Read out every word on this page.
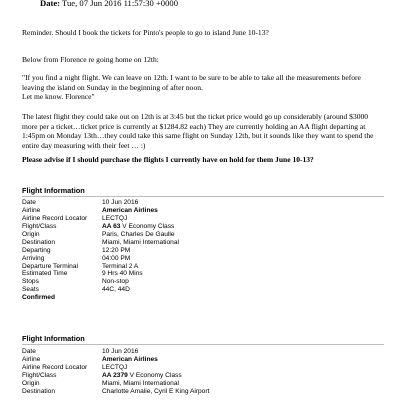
Date: Tue, 07 Jun 2016 11:57:30 +0000

Reminder. Should I book the tickets for Pinto's people to go to island June 10-13?

Below from Florence re going home on 12th:

"If you find a night flight. We can leave on 12th. I want to be sure to be able to take all the measurements before leaving the island on Sunday in the beginning of after noon.
Let me know. Florence"

The latest flight they could take out on 12th is at 3:45 but the ticket price would go up considerably (around $3000 more per a ticket…ticket price is currently at $1284.82 each) They are currently holding an AA flight departing at 1:45pm on Monday 13th…they could take this same flight on Sunday 12th, but it sounds like they want to spend the entire day measuring with their feet … :)

Please advise if I should purchase the flights I currently have on hold for them June 10-13?

Flight Information
Date	10 Jun 2016
Airline	American Airlines
Airline Record Locator	LECTQJ
Flight/Class	AA 63 V Economy Class
Origin	Paris, Charles De Gaulle
Destination	Miami, Miami International
Departing	12:20 PM
Arriving	04:00 PM
Departure Terminal	Terminal 2 A
Estimated Time	9 Hrs 40 Mins
Stops	Non-stop
Seats	44C, 44D
Confirmed
Flight Information
Date	10 Jun 2016
Airline	American Airlines
Airline Record Locator	LECTQJ
Flight/Class	AA 2379 V Economy Class
Origin	Miami, Miami International
Destination	Charlotte Amalie, Cyril E King Airport
